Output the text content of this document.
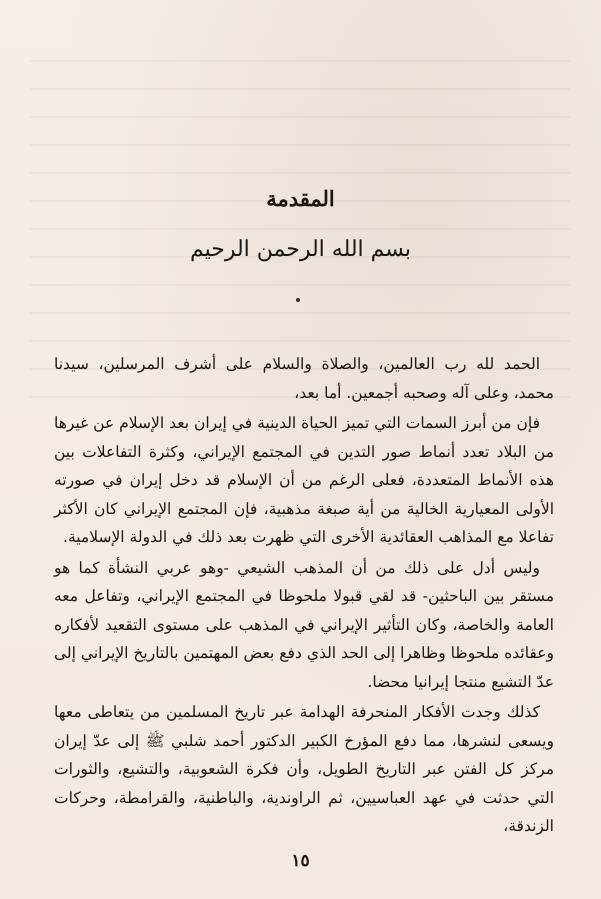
المقدمة
بسم الله الرحمن الرحيم

الحمد لله رب العالمين، والصلاة والسلام على أشرف المرسلين، سيدنا محمد، وعلى آله وصحبه أجمعين. أما بعد،

فإن من أبرز السمات التي تميز الحياة الدينية في إيران بعد الإسلام عن غيرها من البلاد تعدد أنماط صور التدين في المجتمع الإيراني، وكثرة التفاعلات بين هذه الأنماط المتعددة، فعلى الرغم من أن الإسلام قد دخل إيران في صورته الأولى المعيارية الخالية من أية صبغة مذهبية، فإن المجتمع الإيراني كان الأكثر تفاعلا مع المذاهب العقائدية الأخرى التي ظهرت بعد ذلك في الدولة الإسلامية.

وليس أدل على ذلك من أن المذهب الشيعي -وهو عربي النشأة كما هو مستقر بين الباحثين- قد لقي قبولا ملحوظا في المجتمع الإيراني، وتفاعل معه العامة والخاصة، وكان التأثير الإيراني في المذهب على مستوى التقعيد لأفكاره وعقائده ملحوظا وظاهرا إلى الحد الذي دفع بعض المهتمين بالتاريخ الإيراني إلى عدّ التشيع منتجا إيرانيا محضا.

كذلك وجدت الأفكار المنحرفة الهدامة عبر تاريخ المسلمين من يتعاطى معها ويسعى لنشرها، مما دفع المؤرخ الكبير الدكتور أحمد شلبي ﷺ إلى عدّ إيران مركز كل الفتن عبر التاريخ الطويل، وأن فكرة الشعوبية، والتشيع، والثورات التي حدثت في عهد العباسيين، ثم الراوندية، والباطنية، والقرامطة، وحركات الزندقة،

١٥
